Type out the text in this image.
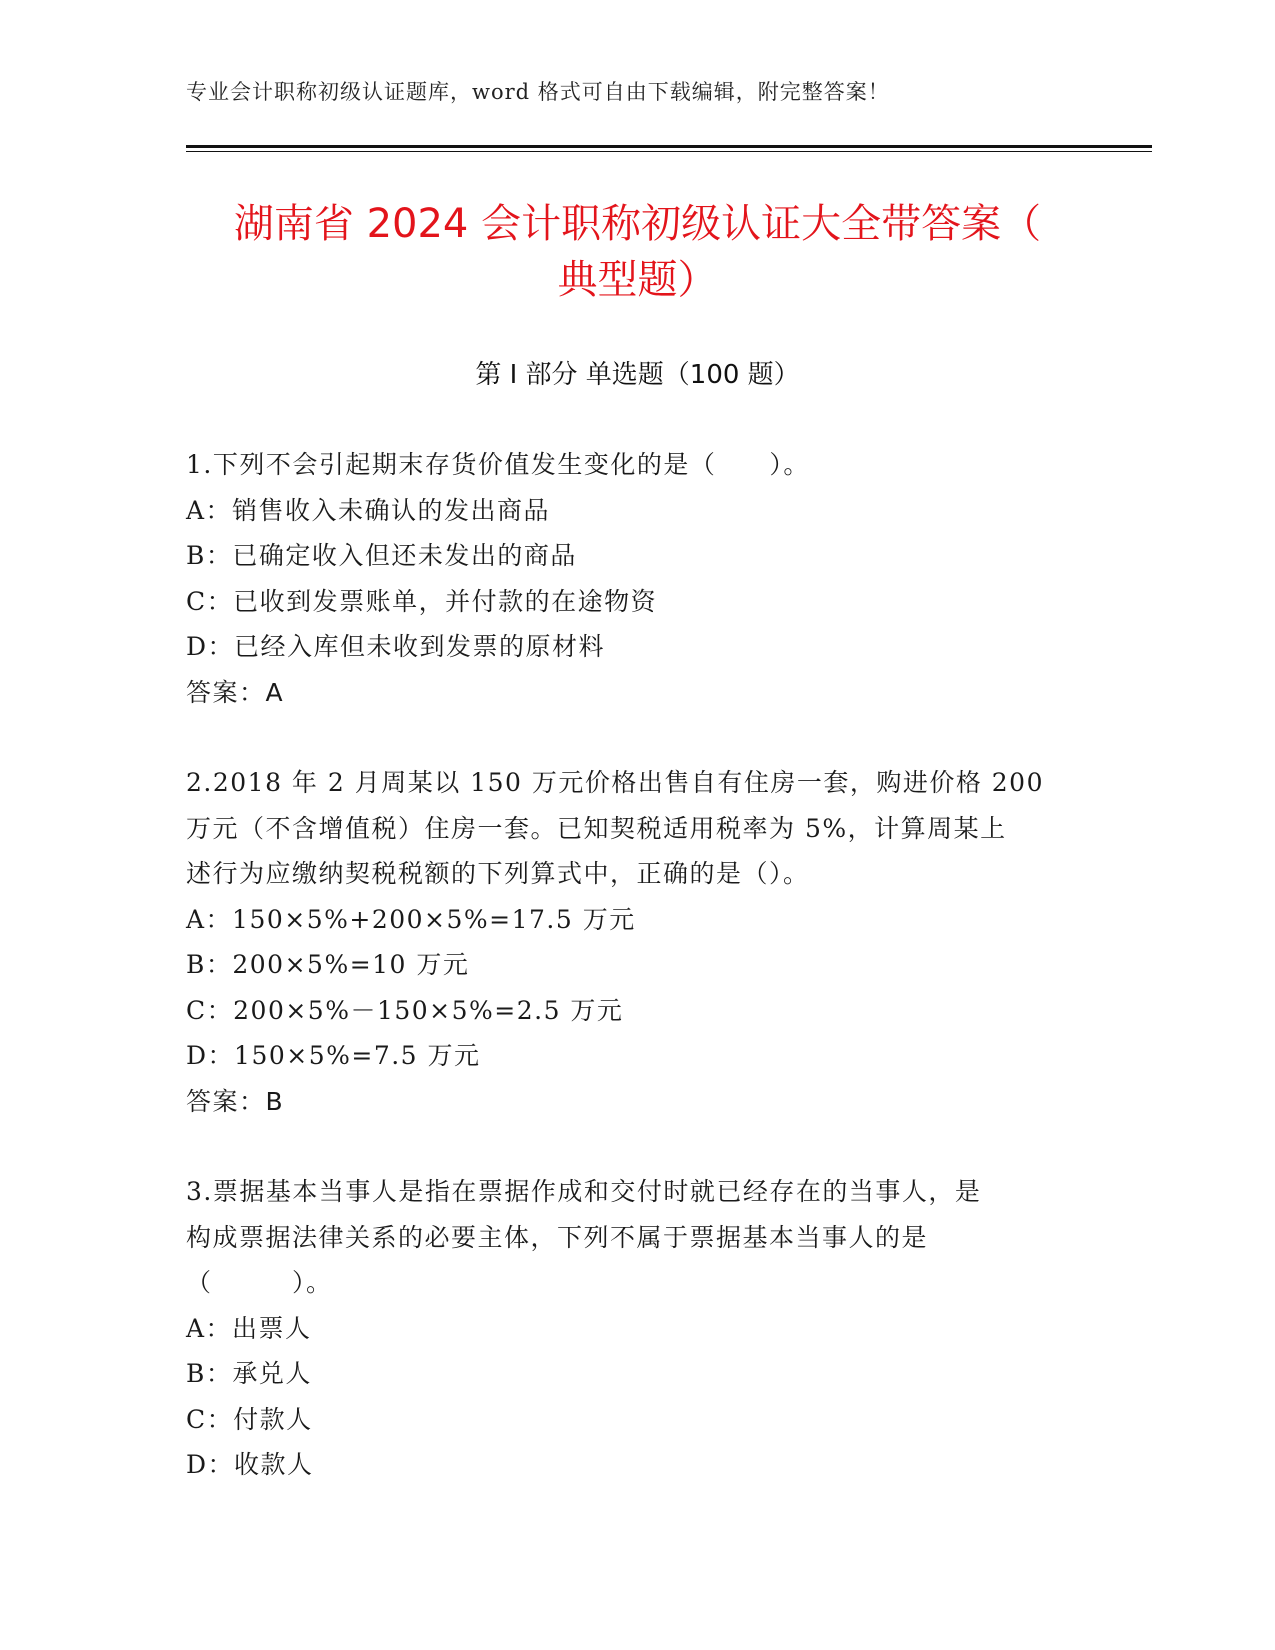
专业会计职称初级认证题库，word 格式可自由下载编辑，附完整答案！
湖南省 2024 会计职称初级认证大全带答案（
典型题）
第 I 部分 单选题（100 题）

1.下列不会引起期末存货价值发生变化的是（　　）。

A：销售收入未确认的发出商品

B：已确定收入但还未发出的商品

C：已收到发票账单，并付款的在途物资

D：已经入库但未收到发票的原材料

答案：A

2.2018 年 2 月周某以 150 万元价格出售自有住房一套，购进价格 200

万元（不含增值税）住房一套。已知契税适用税率为 5%，计算周某上

述行为应缴纳契税税额的下列算式中，正确的是（）。

A：150×5%+200×5%=17.5 万元

B：200×5%=10 万元

C：200×5%－150×5%=2.5 万元

D：150×5%=7.5 万元

答案：B

3.票据基本当事人是指在票据作成和交付时就已经存在的当事人，是

构成票据法律关系的必要主体，下列不属于票据基本当事人的是

（　　　）。

A：出票人

B：承兑人

C：付款人

D：收款人
